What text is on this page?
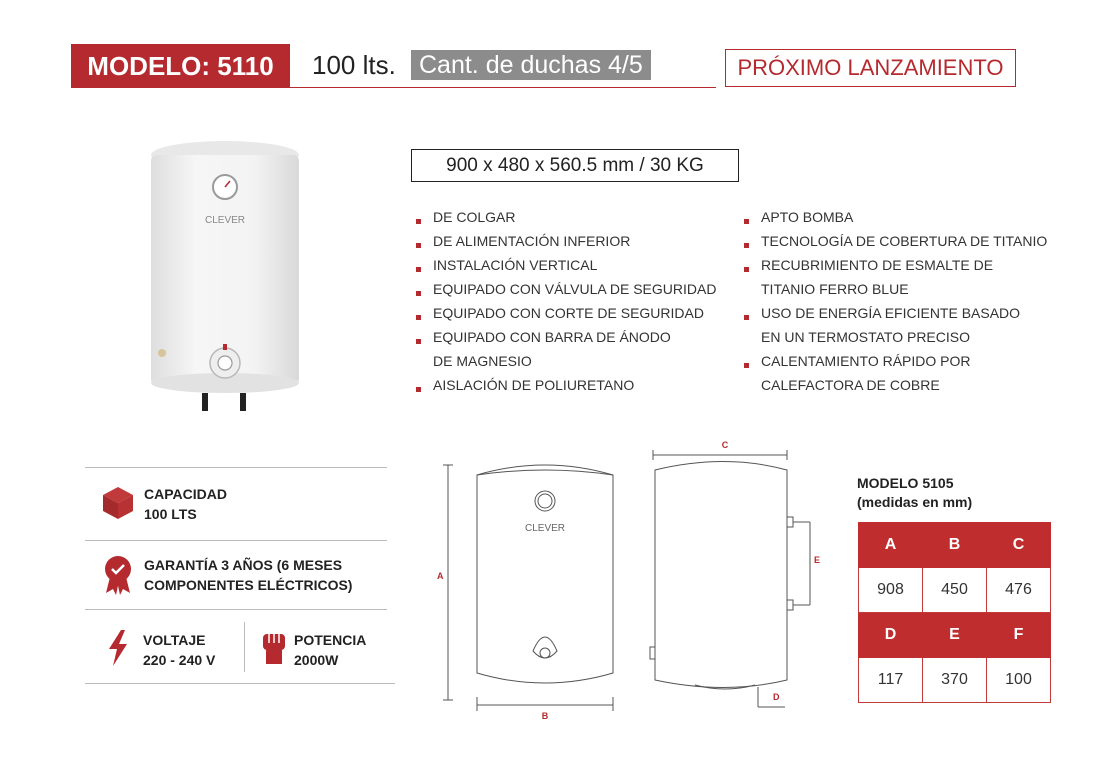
MODELO: 5110	100 lts. Cant. de duchas 4/5	PRÓXIMO LANZAMIENTO
CLEVER
900 x 480 x 560.5 mm / 30 KG
DE COLGAR
DE ALIMENTACIÓN INFERIOR
INSTALACIÓN VERTICAL
EQUIPADO CON VÁLVULA DE SEGURIDAD
EQUIPADO CON CORTE DE SEGURIDAD
EQUIPADO CON BARRA DE ÁNODO
DE MAGNESIO
AISLACIÓN DE POLIURETANO
APTO BOMBA
TECNOLOGÍA DE COBERTURA DE TITANIO
RECUBRIMIENTO DE ESMALTE DE
TITANIO FERRO BLUE
USO DE ENERGÍA EFICIENTE BASADO
EN UN TERMOSTATO PRECISO
CALENTAMIENTO RÁPIDO POR
CALEFACTORA DE COBRE
CAPACIDAD
100 LTS
GARANTÍA 3 AÑOS (6 MESES
COMPONENTES ELÉCTRICOS)
VOLTAJE
220 - 240 V
POTENCIA
2000W
A
B
C
D
E
CLEVER
MODELO 5105
(medidas en mm)
A	B	C
908	450	476
D	E	F
117	370	100
